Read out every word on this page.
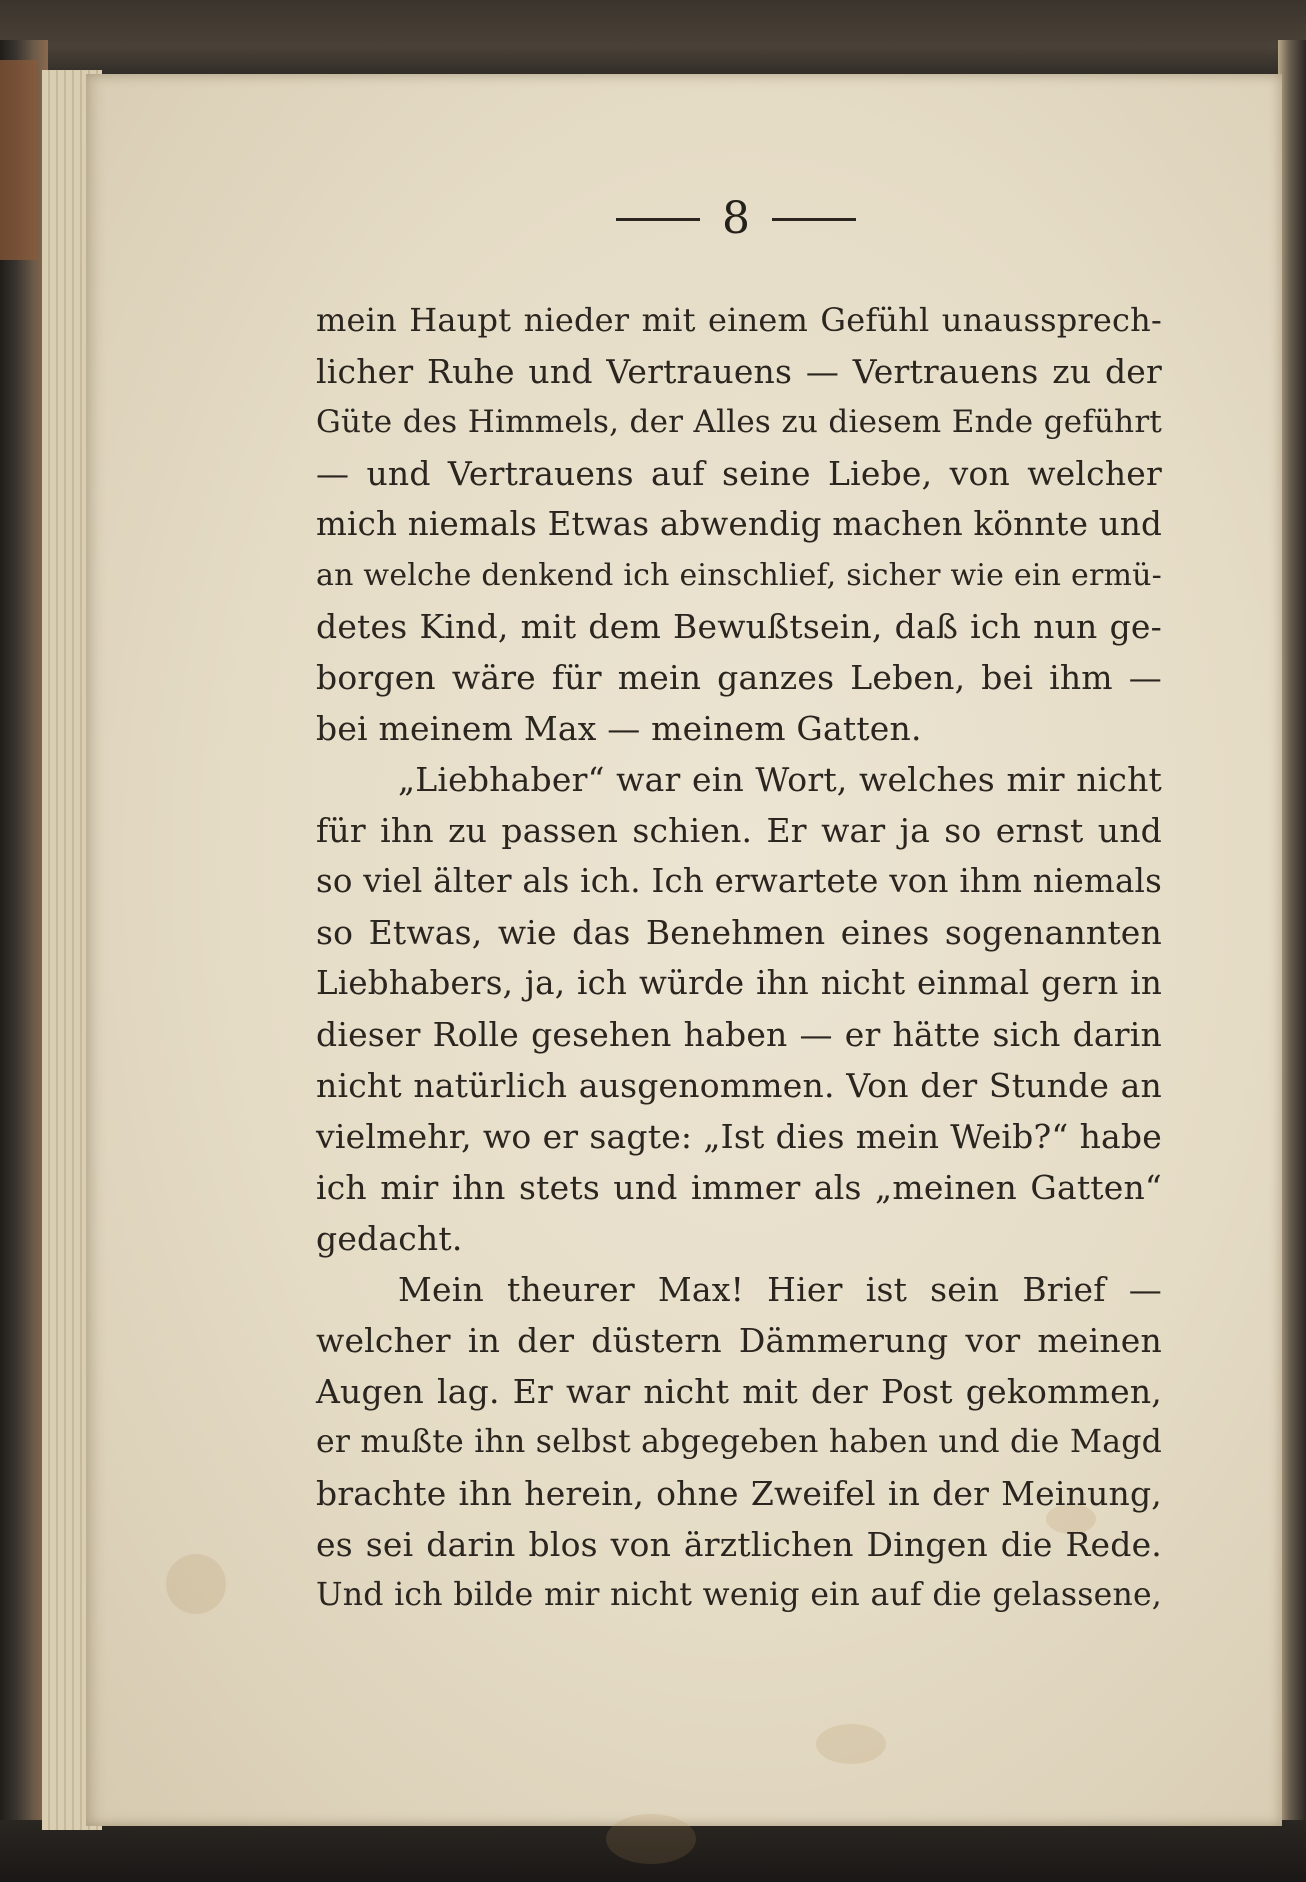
8
mein Haupt nieder mit einem Gefühl unaussprech-
licher Ruhe und Vertrauens — Vertrauens zu der
Güte des Himmels, der Alles zu diesem Ende geführt
— und Vertrauens auf seine Liebe, von welcher
mich niemals Etwas abwendig machen könnte und
an welche denkend ich einschlief, sicher wie ein ermü-
detes Kind, mit dem Bewußtsein, daß ich nun ge-
borgen wäre für mein ganzes Leben, bei ihm —
bei meinem Max — meinem Gatten.
„Liebhaber“ war ein Wort, welches mir nicht
für ihn zu passen schien. Er war ja so ernst und
so viel älter als ich. Ich erwartete von ihm niemals
so Etwas, wie das Benehmen eines sogenannten
Liebhabers, ja, ich würde ihn nicht einmal gern in
dieser Rolle gesehen haben — er hätte sich darin
nicht natürlich ausgenommen. Von der Stunde an
vielmehr, wo er sagte: „Ist dies mein Weib?“ habe
ich mir ihn stets und immer als „meinen Gatten“
gedacht.
Mein theurer Max! Hier ist sein Brief —
welcher in der düstern Dämmerung vor meinen
Augen lag. Er war nicht mit der Post gekommen,
er mußte ihn selbst abgegeben haben und die Magd
brachte ihn herein, ohne Zweifel in der Meinung,
es sei darin blos von ärztlichen Dingen die Rede.
Und ich bilde mir nicht wenig ein auf die gelassene,
